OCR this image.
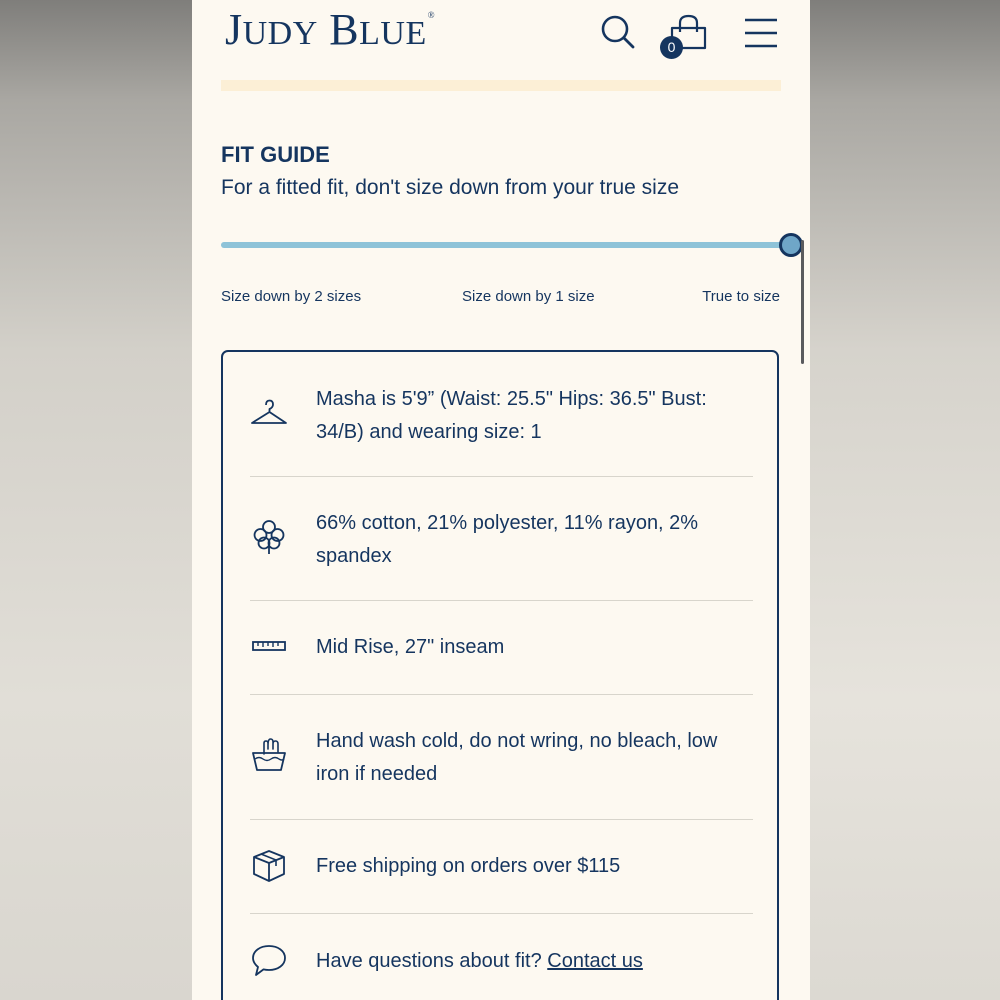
JUDY BLUE®
0
FIT GUIDE
For a fitted fit, don't size down from your true size
Size down by 2 sizes	Size down by 1 size	True to size
Masha is 5'9” (Waist: 25.5" Hips: 36.5" Bust: 34/B) and wearing size: 1
66% cotton, 21% polyester, 11% rayon, 2% spandex
Mid Rise, 27" inseam
Hand wash cold, do not wring, no bleach, low iron if needed
Free shipping on orders over $115
Have questions about fit? Contact us
